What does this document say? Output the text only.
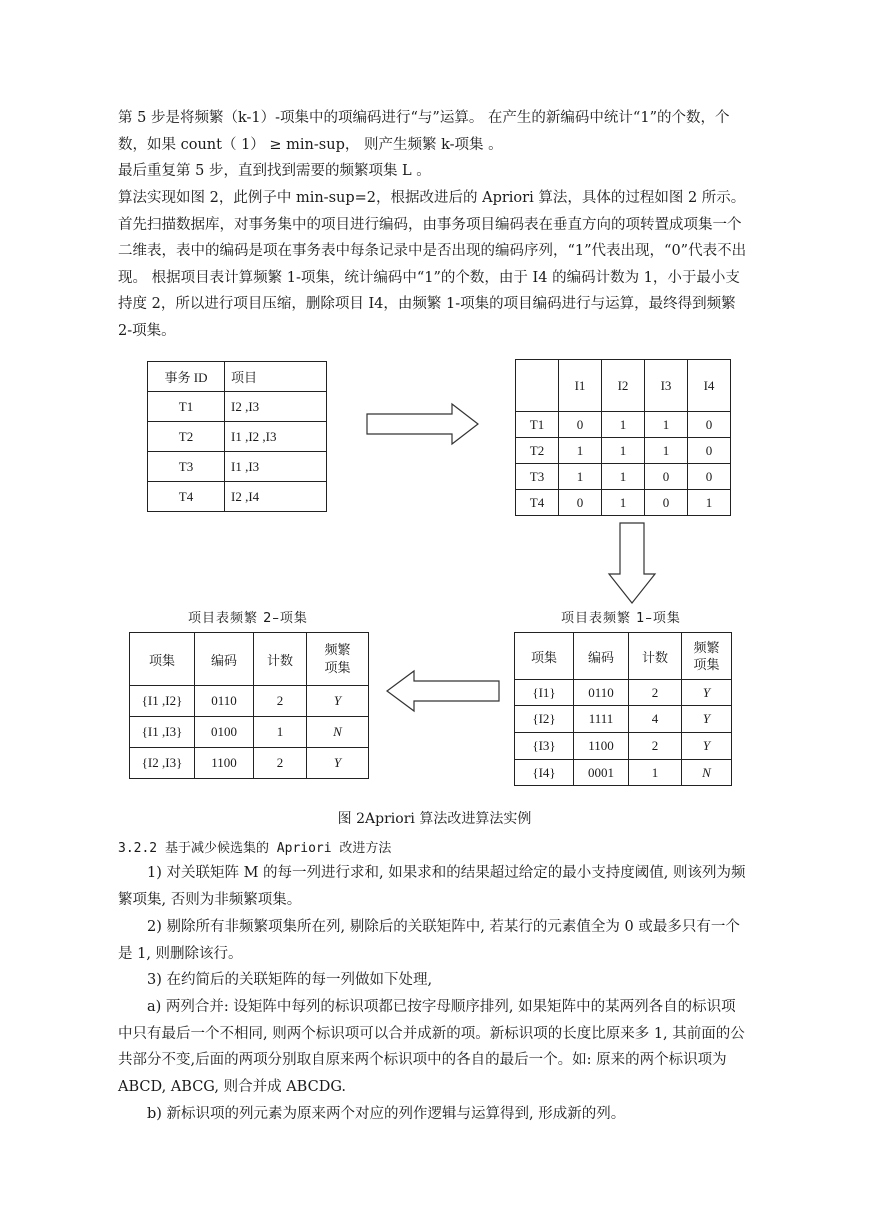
第 5 步是将频繁（k-1）-项集中的项编码进行“与”运算。 在产生的新编码中统计“1”的个数，个数，如果 count（ 1） ≥ min-sup， 则产生频繁 k-项集 。

最后重复第 5 步，直到找到需要的频繁项集 L 。

算法实现如图 2，此例子中 min-sup=2，根据改进后的 Apriori 算法，具体的过程如图 2 所示。首先扫描数据库，对事务集中的项目进行编码，由事务项目编码表在垂直方向的项转置成项集一个二维表，表中的编码是项在事务表中每条记录中是否出现的编码序列，“1”代表出现，“0”代表不出现。 根据项目表计算频繁 1-项集，统计编码中“1”的个数，由于 I4 的编码计数为 1，小于最小支持度 2，所以进行项目压缩，删除项目 I4，由频繁 1-项集的项目编码进行与运算，最终得到频繁 2-项集。

事务 ID	项目
T1	I2 ,I3
T2	I1 ,I2 ,I3
T3	I1 ,I3
T4	I2 ,I4
	I1	I2	I3	I4
T1	0	1	1	0
T2	1	1	1	0
T3	1	1	0	0
T4	0	1	0	1
项目表频繁 1–项集
项集	编码	计数	频繁
项集
{I1}	0110	2	Y
{I2}	1111	4	Y
{I3}	1100	2	Y
{I4}	0001	1	N
项目表频繁 2–项集
项集	编码	计数	频繁
项集
{I1 ,I2}	0110	2	Y
{I1 ,I3}	0100	1	N
{I2 ,I3}	1100	2	Y
图 2Apriori 算法改进算法实例
3.2.2 基于减少候选集的 Apriori 改进方法

1) 对关联矩阵 M 的每一列进行求和, 如果求和的结果超过给定的最小支持度阈值, 则该列为频繁项集, 否则为非频繁项集。

2) 剔除所有非频繁项集所在列, 剔除后的关联矩阵中, 若某行的元素值全为 0 或最多只有一个是 1, 则删除该行。

3) 在约简后的关联矩阵的每一列做如下处理,

a) 两列合并: 设矩阵中每列的标识项都已按字母顺序排列, 如果矩阵中的某两列各自的标识项中只有最后一个不相同, 则两个标识项可以合并成新的项。新标识项的长度比原来多 1, 其前面的公共部分不变,后面的两项分别取自原来两个标识项中的各自的最后一个。如: 原来的两个标识项为 ABCD, ABCG, 则合并成 ABCDG.

b) 新标识项的列元素为原来两个对应的列作逻辑与运算得到, 形成新的列。
